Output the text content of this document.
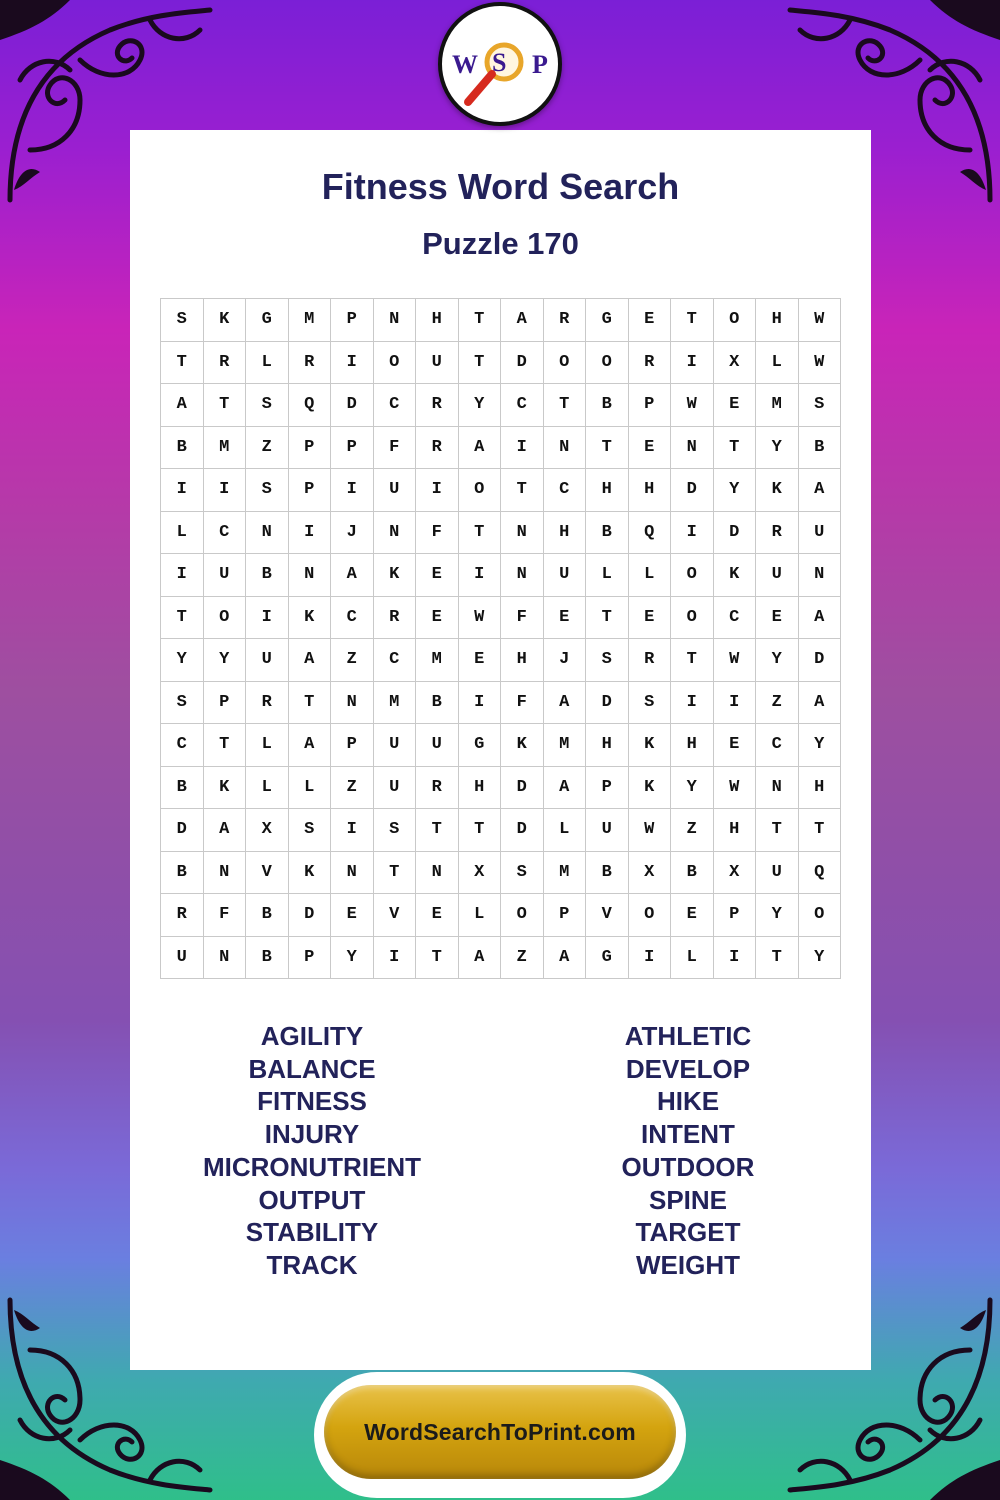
W S P
Fitness Word Search
Puzzle 170
S	K	G	M	P	N	H	T	A	R	G	E	T	O	H	W
T	R	L	R	I	O	U	T	D	O	O	R	I	X	L	W
A	T	S	Q	D	C	R	Y	C	T	B	P	W	E	M	S
B	M	Z	P	P	F	R	A	I	N	T	E	N	T	Y	B
I	I	S	P	I	U	I	O	T	C	H	H	D	Y	K	A
L	C	N	I	J	N	F	T	N	H	B	Q	I	D	R	U
I	U	B	N	A	K	E	I	N	U	L	L	O	K	U	N
T	O	I	K	C	R	E	W	F	E	T	E	O	C	E	A
Y	Y	U	A	Z	C	M	E	H	J	S	R	T	W	Y	D
S	P	R	T	N	M	B	I	F	A	D	S	I	I	Z	A
C	T	L	A	P	U	U	G	K	M	H	K	H	E	C	Y
B	K	L	L	Z	U	R	H	D	A	P	K	Y	W	N	H
D	A	X	S	I	S	T	T	D	L	U	W	Z	H	T	T
B	N	V	K	N	T	N	X	S	M	B	X	B	X	U	Q
R	F	B	D	E	V	E	L	O	P	V	O	E	P	Y	O
U	N	B	P	Y	I	T	A	Z	A	G	I	L	I	T	Y
AGILITY
BALANCE
FITNESS
INJURY
MICRONUTRIENT
OUTPUT
STABILITY
TRACK
ATHLETIC
DEVELOP
HIKE
INTENT
OUTDOOR
SPINE
TARGET
WEIGHT
WordSearchToPrint.com
